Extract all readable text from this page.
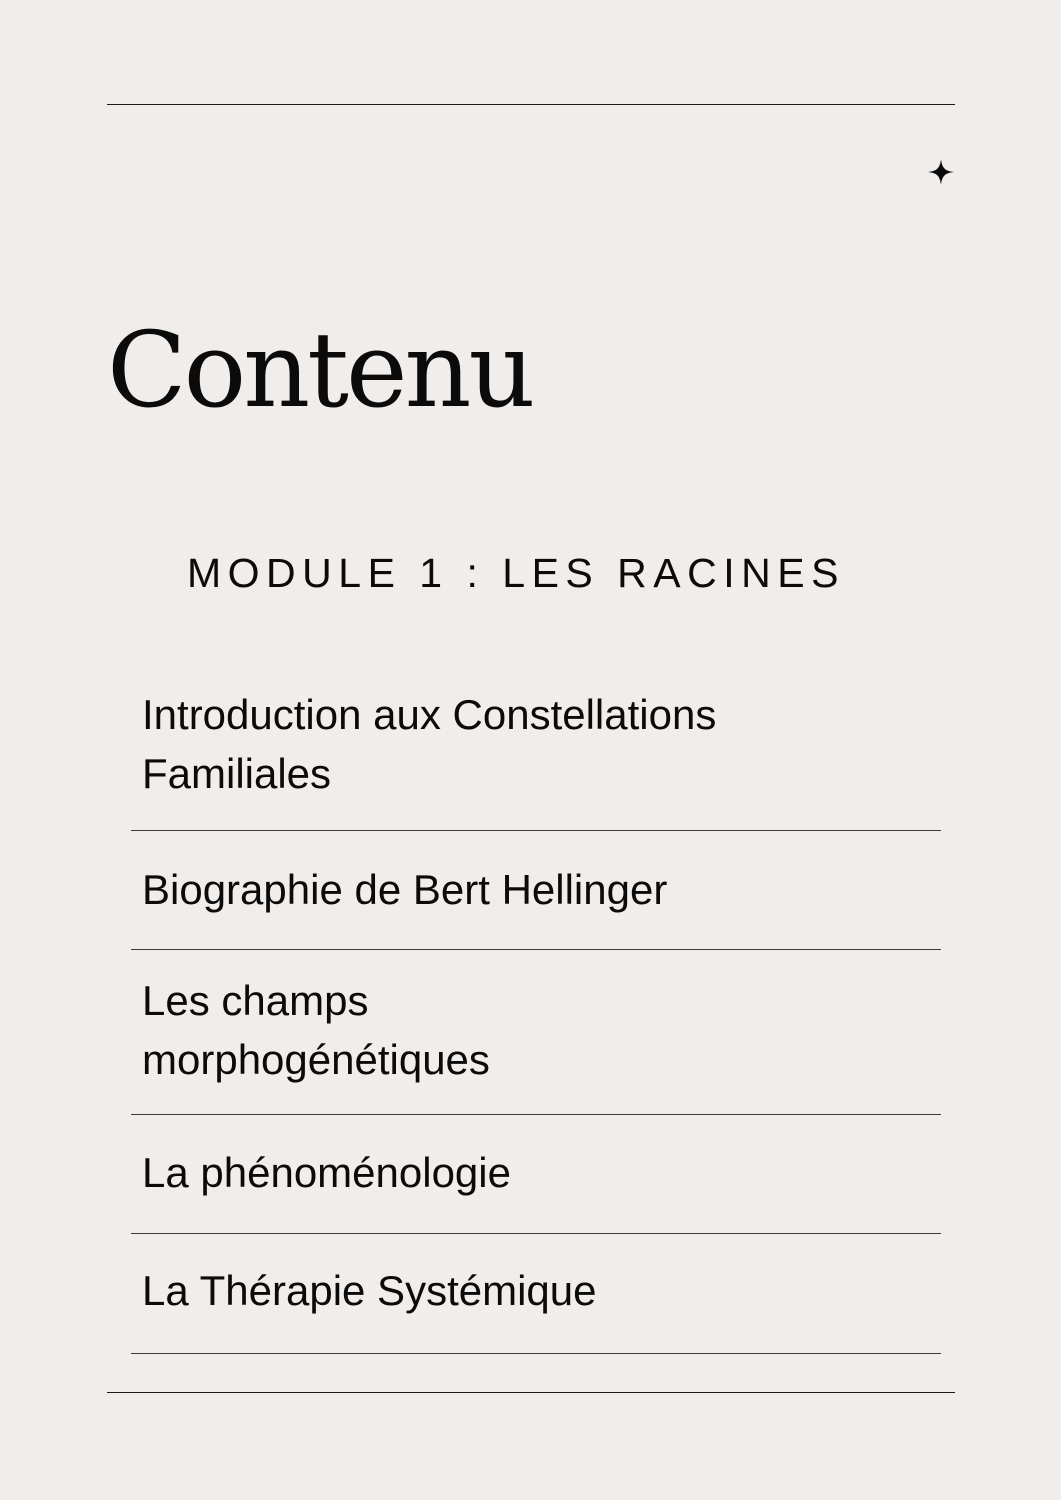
Contenu
MODULE 1 : LES RACINES
Introduction aux Constellations Familiales
Biographie de Bert Hellinger
Les champs morphogénétiques
La phénoménologie
La Thérapie Systémique
